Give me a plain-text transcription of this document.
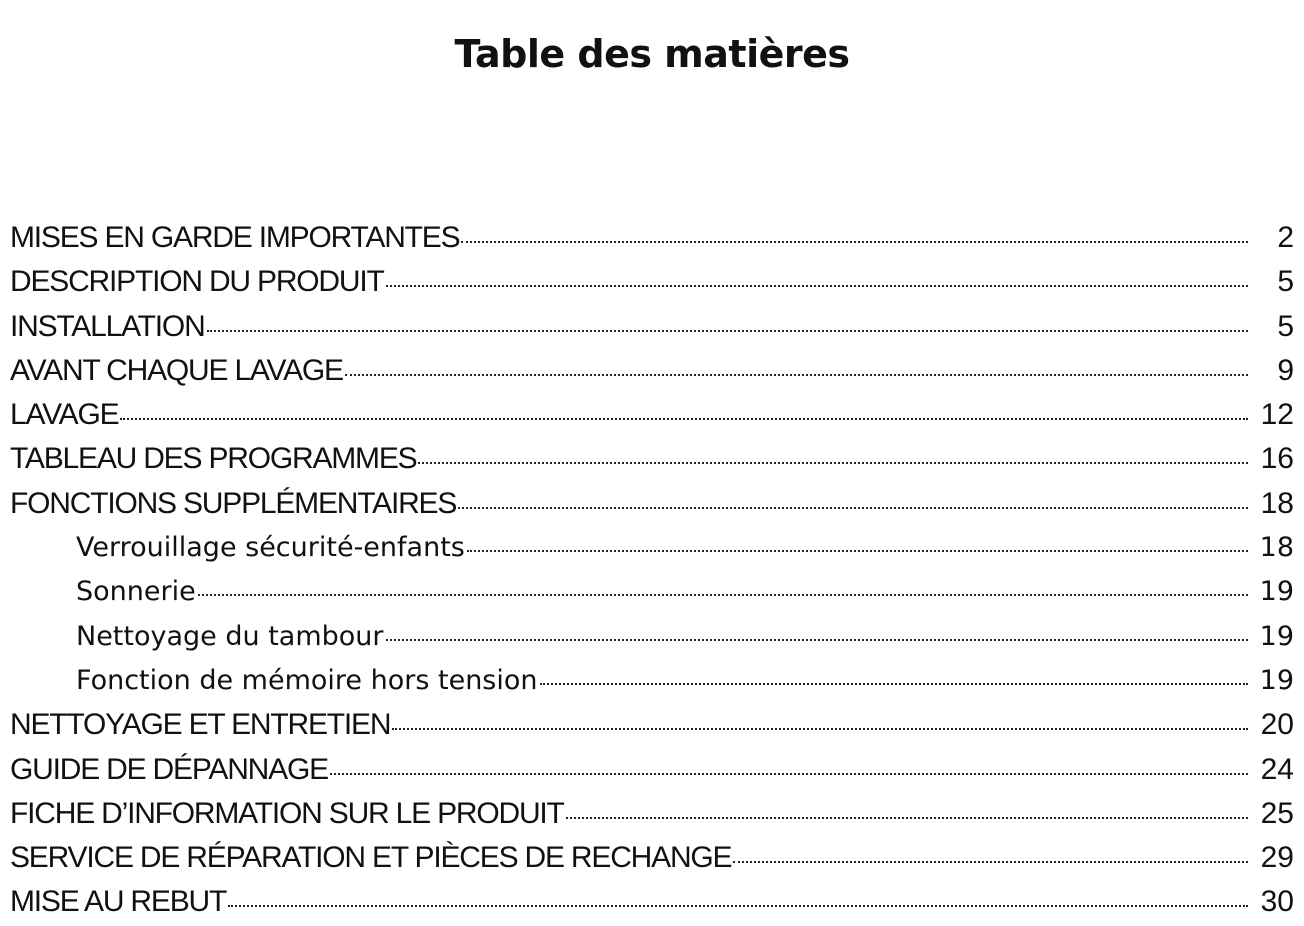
Table des matières
MISES EN GARDE IMPORTANTES	2
DESCRIPTION DU PRODUIT	5
INSTALLATION	5
AVANT CHAQUE LAVAGE	9
LAVAGE	12
TABLEAU DES PROGRAMMES	16
FONCTIONS SUPPLÉMENTAIRES	18
Verrouillage sécurité-enfants	18
Sonnerie	19
Nettoyage du tambour	19
Fonction de mémoire hors tension	19
NETTOYAGE ET ENTRETIEN	20
GUIDE DE DÉPANNAGE	24
FICHE D’INFORMATION SUR LE PRODUIT	25
SERVICE DE RÉPARATION ET PIÈCES DE RECHANGE	29
MISE AU REBUT	30
